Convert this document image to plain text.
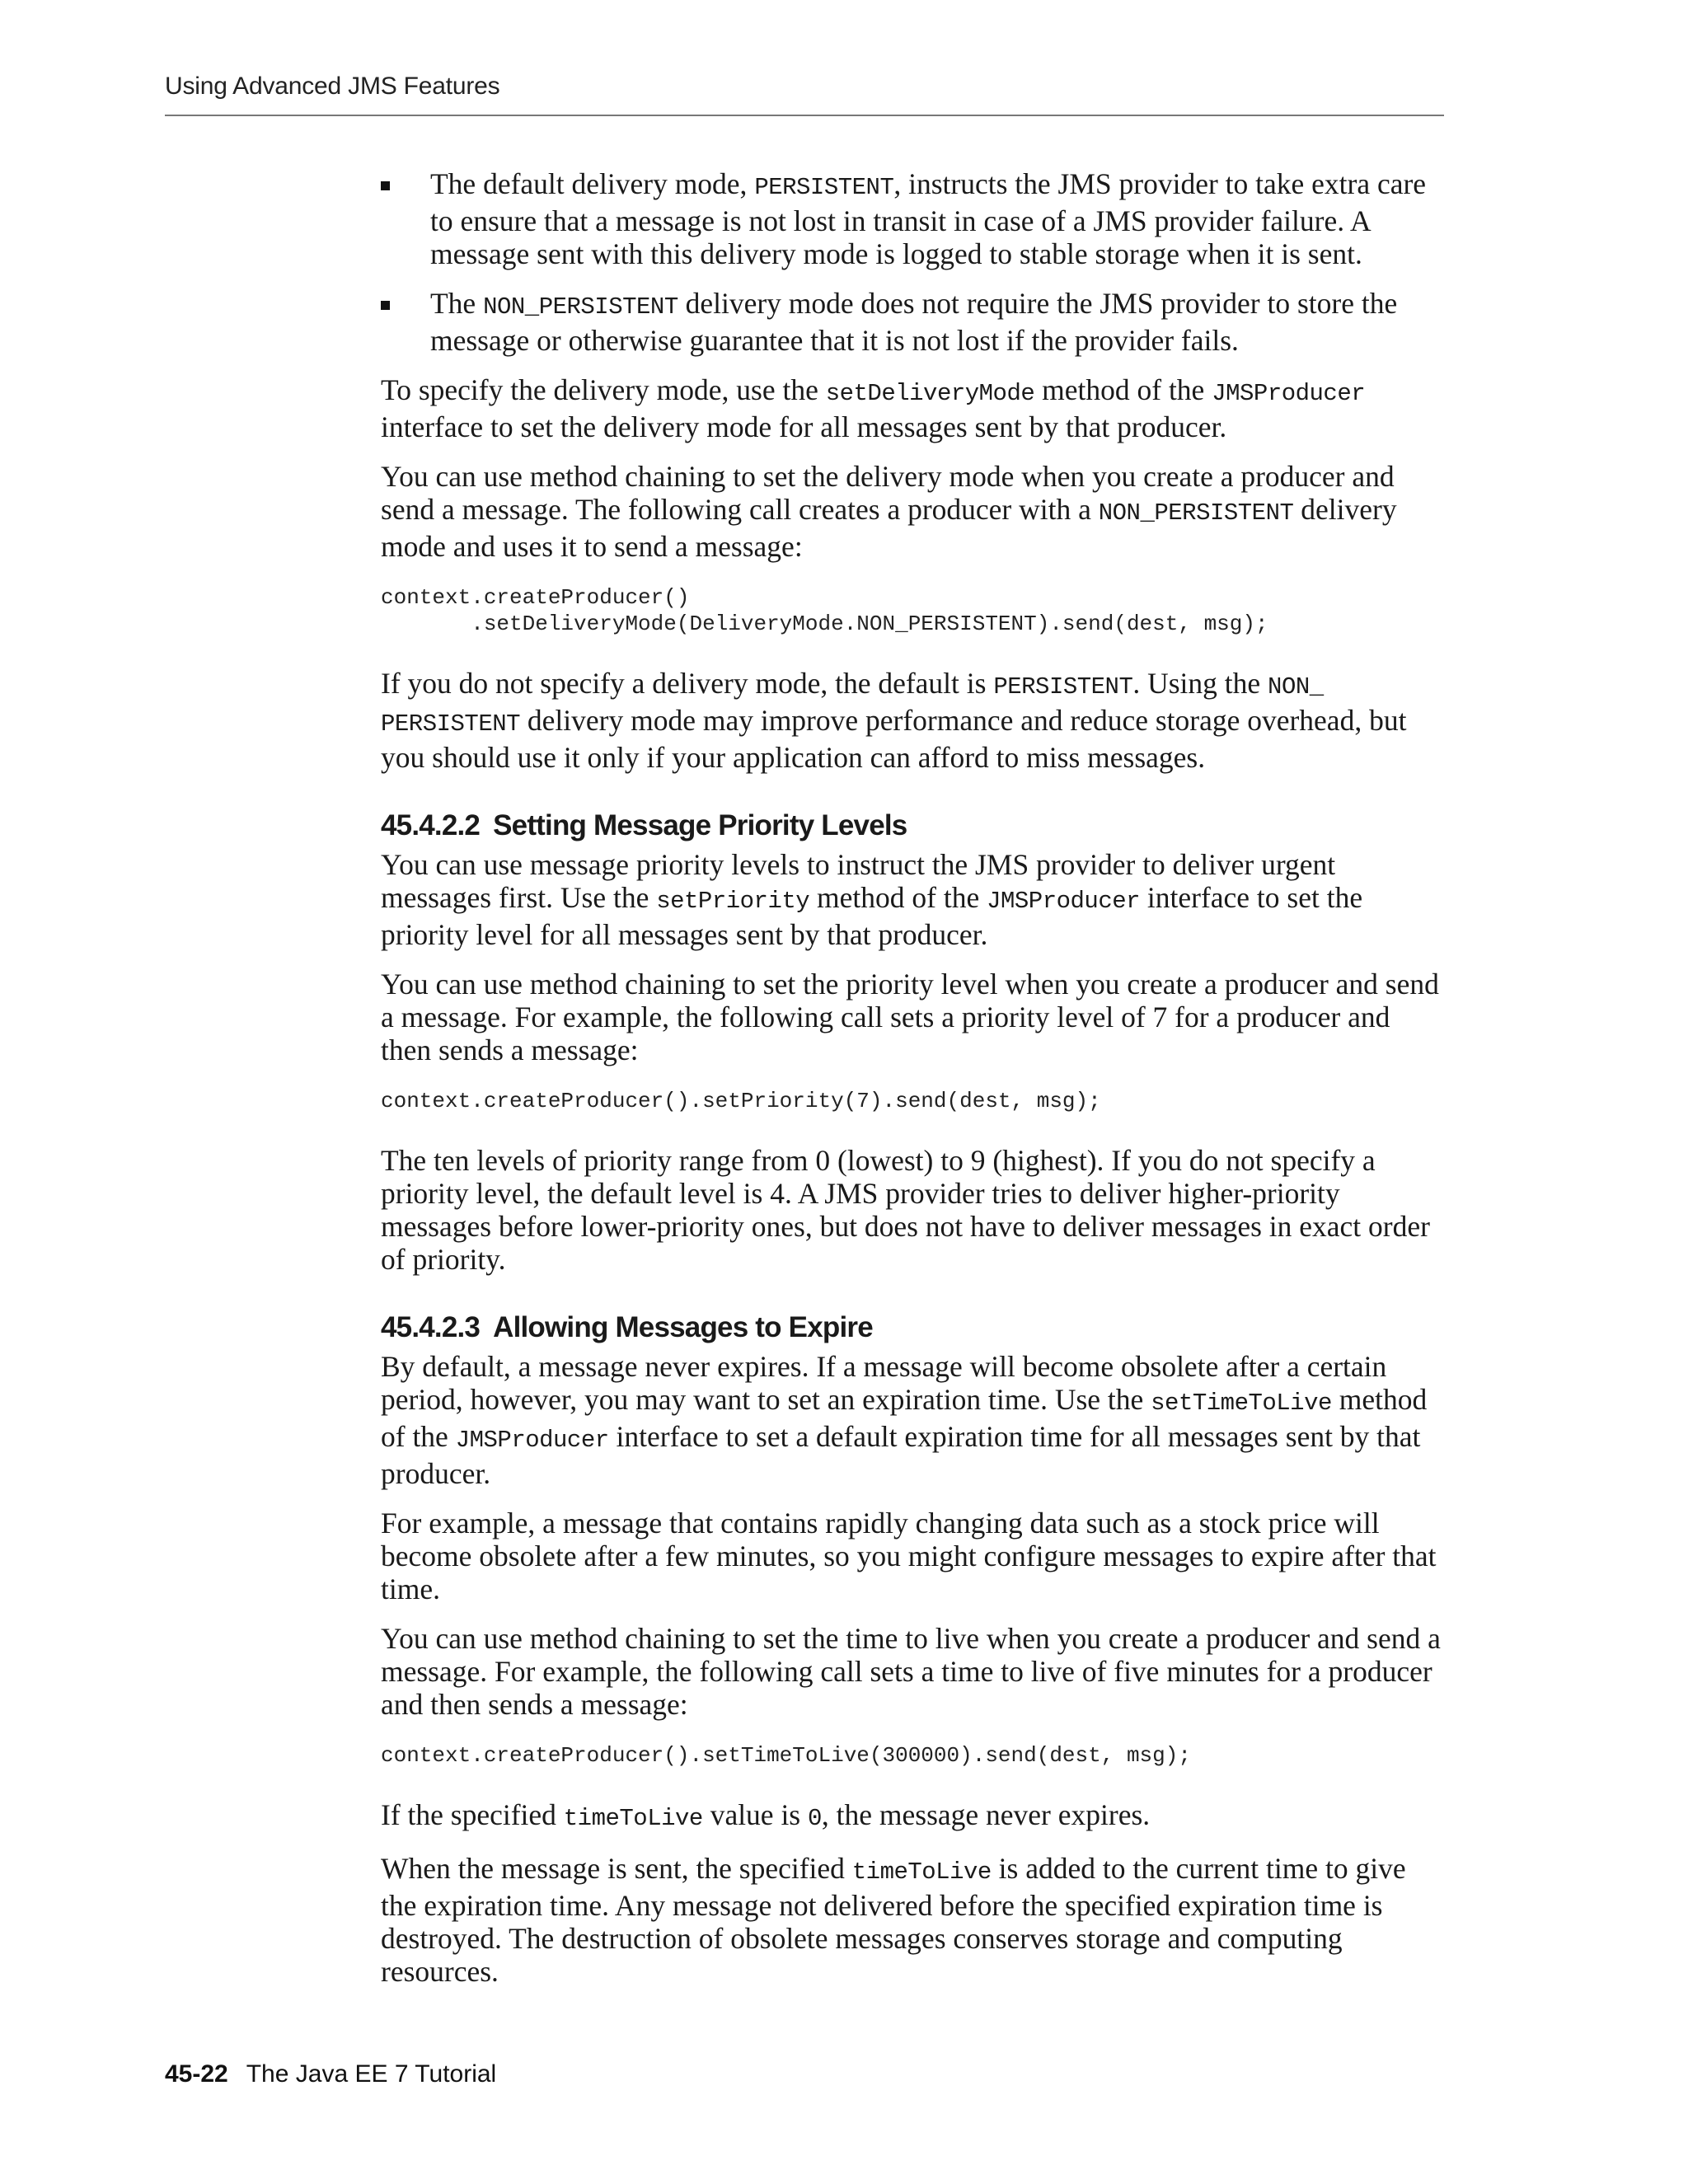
Using Advanced JMS Features
The default delivery mode, PERSISTENT, instructs the JMS provider to take extra care to ensure that a message is not lost in transit in case of a JMS provider failure. A message sent with this delivery mode is logged to stable storage when it is sent.
The NON_PERSISTENT delivery mode does not require the JMS provider to store the message or otherwise guarantee that it is not lost if the provider fails.

To specify the delivery mode, use the setDeliveryMode method of the JMSProducer interface to set the delivery mode for all messages sent by that producer.

You can use method chaining to set the delivery mode when you create a producer and send a message. The following call creates a producer with a NON_PERSISTENT delivery mode and uses it to send a message:

context.createProducer()
.setDeliveryMode(DeliveryMode.NON_PERSISTENT).send(dest, msg);

If you do not specify a delivery mode, the default is PERSISTENT. Using the NON_ PERSISTENT delivery mode may improve performance and reduce storage overhead, but you should use it only if your application can afford to miss messages.

45.4.2.2 Setting Message Priority Levels

You can use message priority levels to instruct the JMS provider to deliver urgent messages first. Use the setPriority method of the JMSProducer interface to set the priority level for all messages sent by that producer.

You can use method chaining to set the priority level when you create a producer and send a message. For example, the following call sets a priority level of 7 for a producer and then sends a message:

context.createProducer().setPriority(7).send(dest, msg);

The ten levels of priority range from 0 (lowest) to 9 (highest). If you do not specify a priority level, the default level is 4. A JMS provider tries to deliver higher-priority messages before lower-priority ones, but does not have to deliver messages in exact order of priority.

45.4.2.3 Allowing Messages to Expire

By default, a message never expires. If a message will become obsolete after a certain period, however, you may want to set an expiration time. Use the setTimeToLive method of the JMSProducer interface to set a default expiration time for all messages sent by that producer.

For example, a message that contains rapidly changing data such as a stock price will become obsolete after a few minutes, so you might configure messages to expire after that time.

You can use method chaining to set the time to live when you create a producer and send a message. For example, the following call sets a time to live of five minutes for a producer and then sends a message:

context.createProducer().setTimeToLive(300000).send(dest, msg);

If the specified timeToLive value is 0, the message never expires.

When the message is sent, the specified timeToLive is added to the current time to give the expiration time. Any message not delivered before the specified expiration time is destroyed. The destruction of obsolete messages conserves storage and computing resources.

45-22 The Java EE 7 Tutorial
